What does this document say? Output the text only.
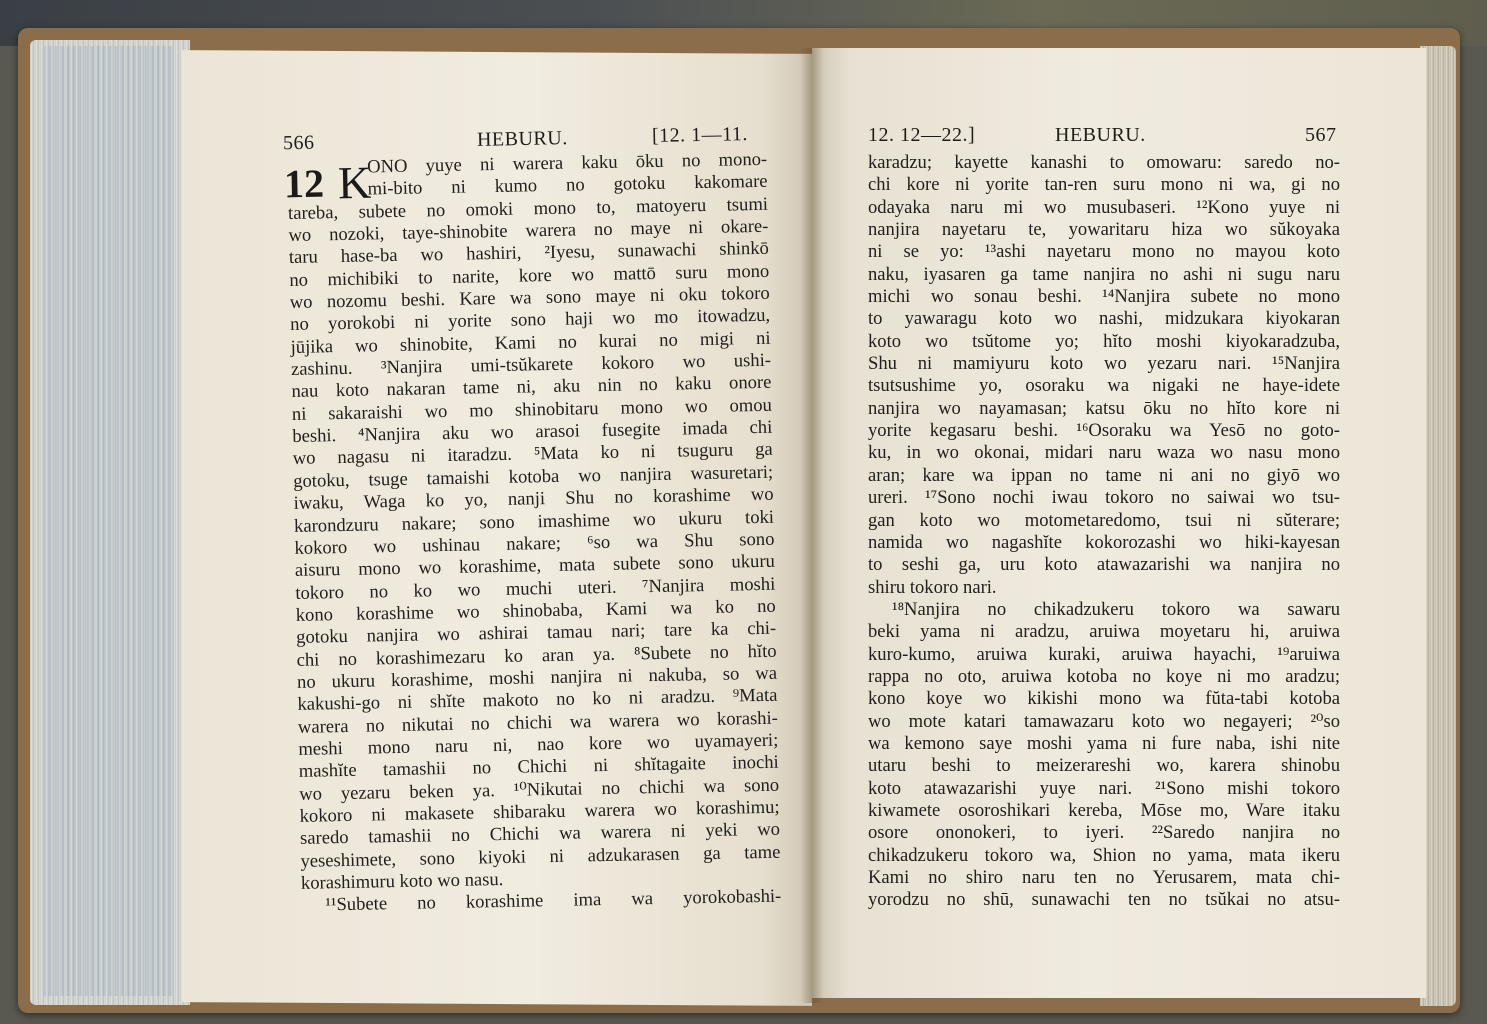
566	HEBURU.	[12. 1—11.
12 K
ONO yuye ni warera kaku ōku no mono-
mi-bito ni kumo no gotoku kakomare
tareba, subete no omoki mono to, matoyeru tsumi
wo nozoki, taye-shinobite warera no maye ni okare-
taru hase-ba wo hashiri, ²Iyesu, sunawachi shinkō
no michibiki to narite, kore wo mattō suru mono
wo nozomu beshi. Kare wa sono maye ni oku tokoro
no yorokobi ni yorite sono haji wo mo itowadzu,
jūjika wo shinobite, Kami no kurai no migi ni
zashinu. ³Nanjira umi-tsŭkarete kokoro wo ushi-
nau koto nakaran tame ni, aku nin no kaku onore
ni sakaraishi wo mo shinobitaru mono wo omou
beshi. ⁴Nanjira aku wo arasoi fusegite imada chi
wo nagasu ni itaradzu. ⁵Mata ko ni tsuguru ga
gotoku, tsuge tamaishi kotoba wo nanjira wasuretari;
iwaku, Waga ko yo, nanji Shu no korashime wo
karondzuru nakare; sono imashime wo ukuru toki
kokoro wo ushinau nakare; ⁶so wa Shu sono
aisuru mono wo korashime, mata subete sono ukuru
tokoro no ko wo muchi uteri. ⁷Nanjira moshi
kono korashime wo shinobaba, Kami wa ko no
gotoku nanjira wo ashirai tamau nari; tare ka chi-
chi no korashimezaru ko aran ya. ⁸Subete no hĭto
no ukuru korashime, moshi nanjira ni nakuba, so wa
kakushi-go ni shĭte makoto no ko ni aradzu. ⁹Mata
warera no nikutai no chichi wa warera wo korashi-
meshi mono naru ni, nao kore wo uyamayeri;
mashĭte tamashii no Chichi ni shĭtagaite inochi
wo yezaru beken ya. ¹⁰Nikutai no chichi wa sono
kokoro ni makasete shibaraku warera wo korashimu;
saredo tamashii no Chichi wa warera ni yeki wo
yeseshimete, sono kiyoki ni adzukarasen ga tame
korashimuru koto wo nasu.
¹¹Subete no korashime ima wa yorokobashi-
12. 12—22.]	HEBURU.	567
karadzu; kayette kanashi to omowaru: saredo no-
chi kore ni yorite tan-ren suru mono ni wa, gi no
odayaka naru mi wo musubaseri. ¹²Kono yuye ni
nanjira nayetaru te, yowaritaru hiza wo sŭkoyaka
ni se yo: ¹³ashi nayetaru mono no mayou koto
naku, iyasaren ga tame nanjira no ashi ni sugu naru
michi wo sonau beshi. ¹⁴Nanjira subete no mono
to yawaragu koto wo nashi, midzukara kiyokaran
koto wo tsŭtome yo; hĭto moshi kiyokaradzuba,
Shu ni mamiyuru koto wo yezaru nari. ¹⁵Nanjira
tsutsushime yo, osoraku wa nigaki ne haye-idete
nanjira wo nayamasan; katsu ōku no hĭto kore ni
yorite kegasaru beshi. ¹⁶Osoraku wa Yesō no goto-
ku, in wo okonai, midari naru waza wo nasu mono
aran; kare wa ippan no tame ni ani no giyō wo
ureri. ¹⁷Sono nochi iwau tokoro no saiwai wo tsu-
gan koto wo motometaredomo, tsui ni sŭterare;
namida wo nagashĭte kokorozashi wo hiki-kayesan
to seshi ga, uru koto atawazarishi wa nanjira no
shiru tokoro nari.
¹⁸Nanjira no chikadzukeru tokoro wa sawaru
beki yama ni aradzu, aruiwa moyetaru hi, aruiwa
kuro-kumo, aruiwa kuraki, aruiwa hayachi, ¹⁹aruiwa
rappa no oto, aruiwa kotoba no koye ni mo aradzu;
kono koye wo kikishi mono wa fŭta-tabi kotoba
wo mote katari tamawazaru koto wo negayeri; ²⁰so
wa kemono saye moshi yama ni fure naba, ishi nite
utaru beshi to meizerareshi wo, karera shinobu
koto atawazarishi yuye nari. ²¹Sono mishi tokoro
kiwamete osoroshikari kereba, Mōse mo, Ware itaku
osore ononokeri, to iyeri. ²²Saredo nanjira no
chikadzukeru tokoro wa, Shion no yama, mata ikeru
Kami no shiro naru ten no Yerusarem, mata chi-
yorodzu no shū, sunawachi ten no tsŭkai no atsu-
